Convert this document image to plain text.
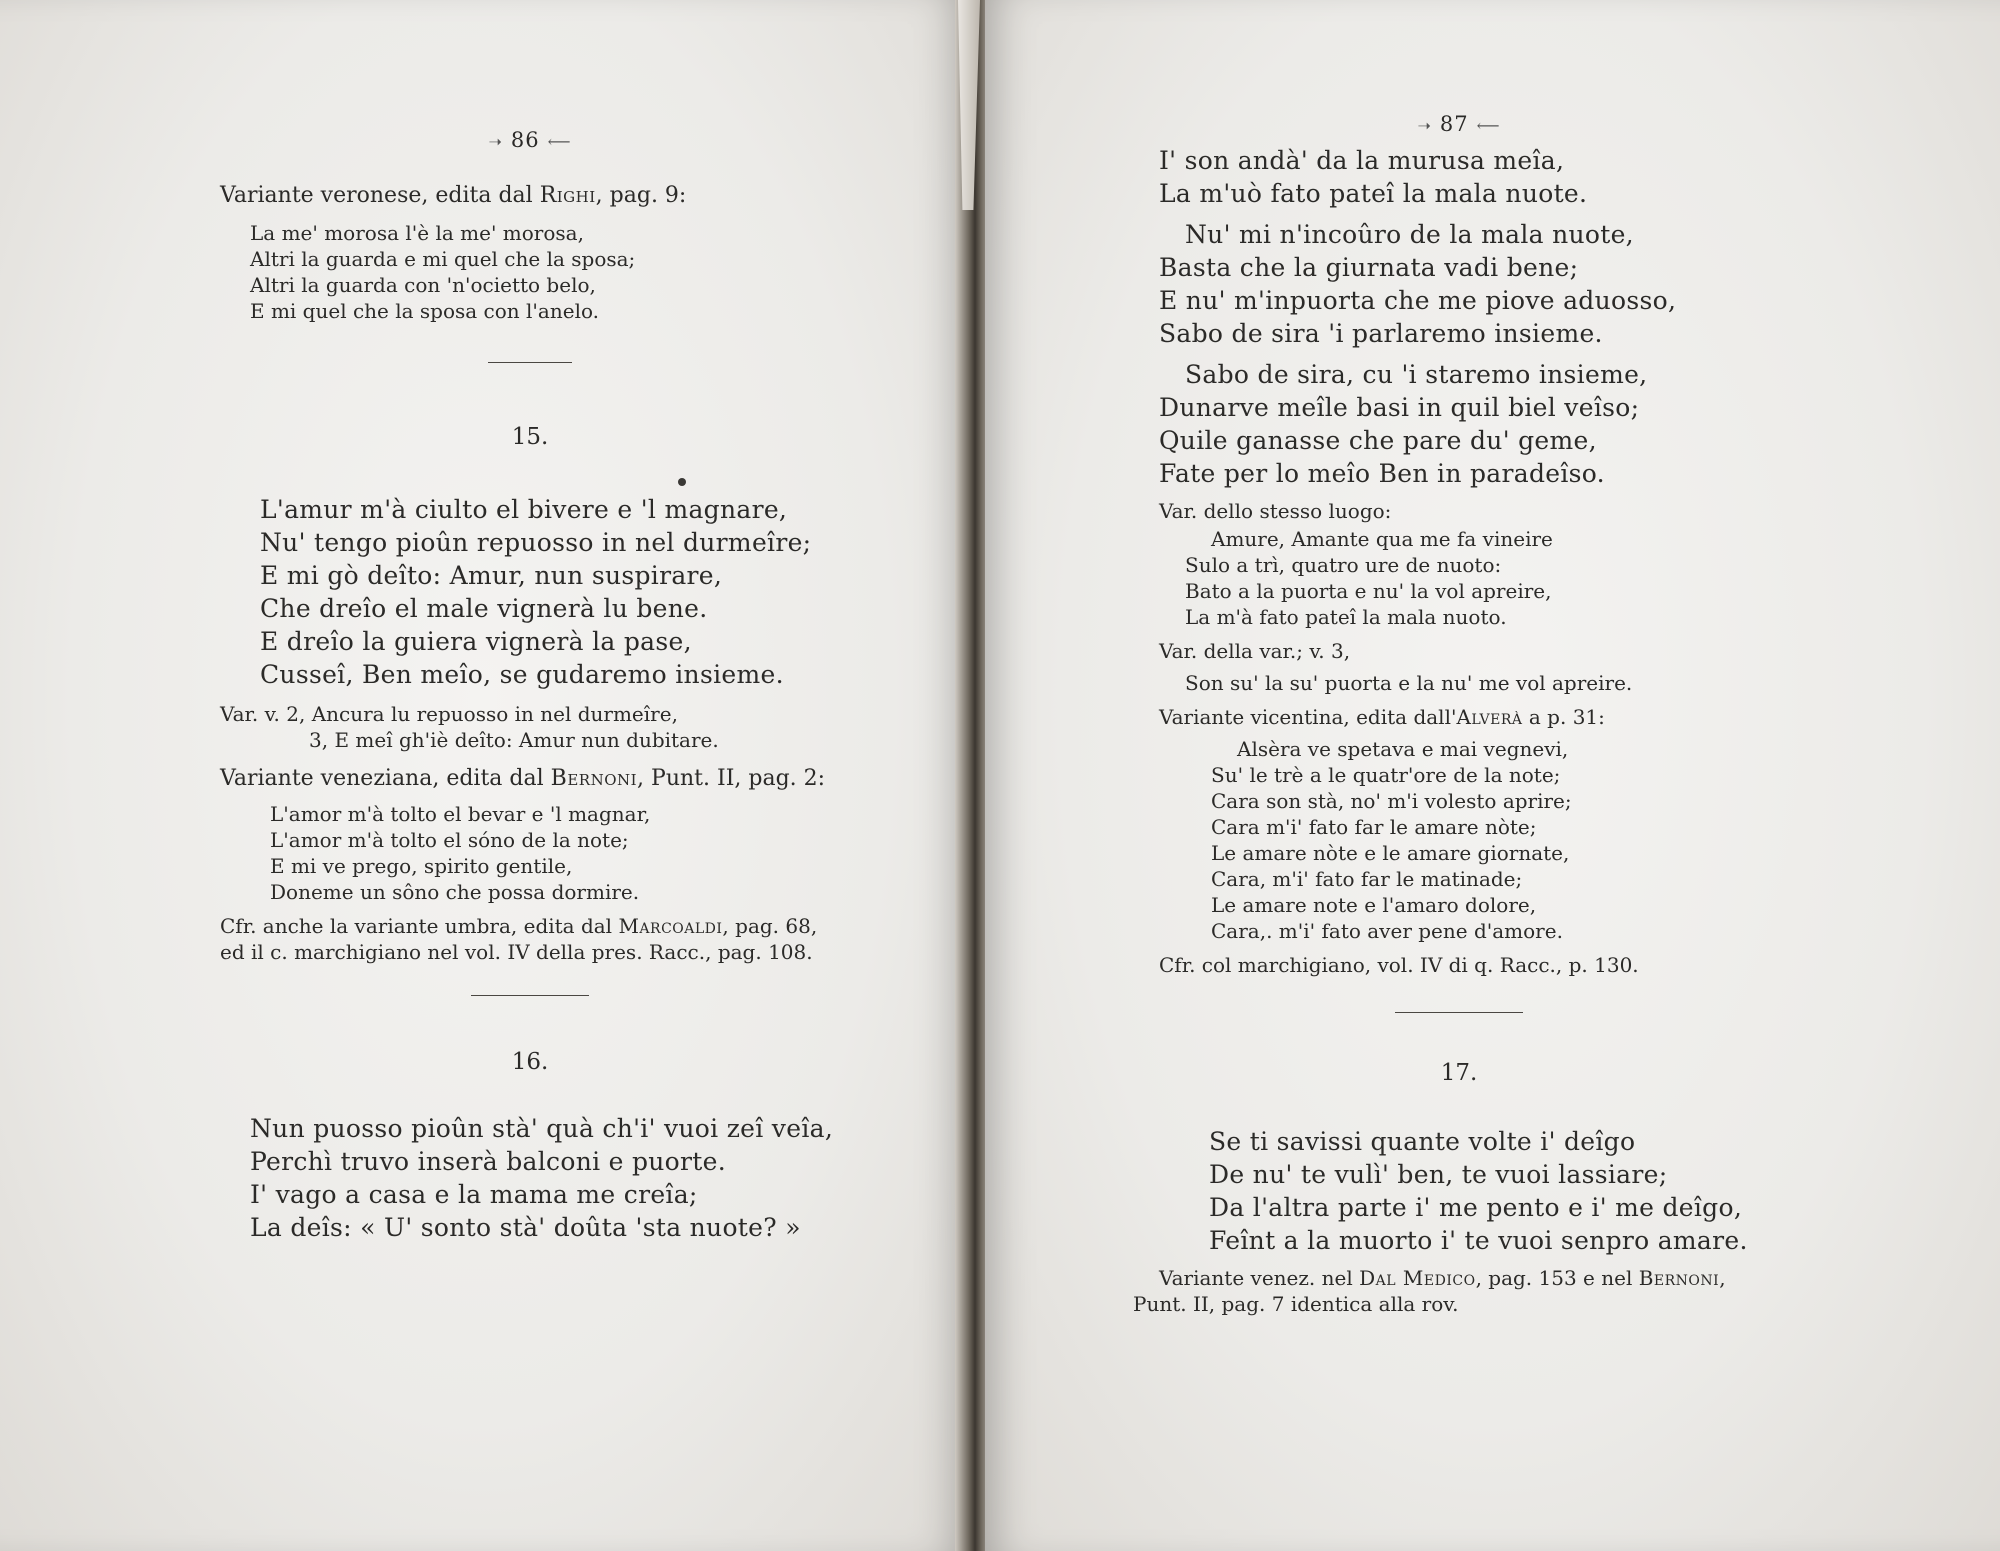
➝ 86 ⟵

Variante veronese, edita dal Righi, pag. 9:

La me' morosa l'è la me' morosa,

Altri la guarda e mi quel che la sposa;

Altri la guarda con 'n'ocietto belo,

E mi quel che la sposa con l'anelo.

15.

L'amur m'à ciulto el bivere e 'l magnare,

Nu' tengo pioûn repuosso in nel durmeîre;

E mi gò deîto: Amur, nun suspirare,

Che dreîo el male vignerà lu bene.

E dreîo la guiera vignerà la pase,

Cusseî, Ben meîo, se gudaremo insieme.

Var. v. 2, Ancura lu repuosso in nel durmeîre,

3, E meî gh'iè deîto: Amur nun dubitare.

Variante veneziana, edita dal Bernoni, Punt. II, pag. 2:

L'amor m'à tolto el bevar e 'l magnar,

L'amor m'à tolto el sóno de la note;

E mi ve prego, spirito gentile,

Doneme un sôno che possa dormire.

Cfr. anche la variante umbra, edita dal Marcoaldi, pag. 68, ed il c. marchigiano nel vol. IV della pres. Racc., pag. 108.

16.

Nun puosso pioûn stà' quà ch'i' vuoi zeî veîa,

Perchì truvo inserà balconi e puorte.

I' vago a casa e la mama me creîa;

La deîs: « U' sonto stà' doûta 'sta nuote? »

➝ 87 ⟵

I' son andà' da la murusa meîa,

La m'uò fato pateî la mala nuote.

Nu' mi n'incoûro de la mala nuote,

Basta che la giurnata vadi bene;

E nu' m'inpuorta che me piove aduosso,

Sabo de sira 'i parlaremo insieme.

Sabo de sira, cu 'i staremo insieme,

Dunarve meîle basi in quil biel veîso;

Quile ganasse che pare du' geme,

Fate per lo meîo Ben in paradeîso.

Var. dello stesso luogo:

Amure, Amante qua me fa vineire

Sulo a trì, quatro ure de nuoto:

Bato a la puorta e nu' la vol apreire,

La m'à fato pateî la mala nuoto.

Var. della var.; v. 3,

Son su' la su' puorta e la nu' me vol apreire.

Variante vicentina, edita dall'Alverà a p. 31:

Alsèra ve spetava e mai vegnevi,

Su' le trè a le quatr'ore de la note;

Cara son stà, no' m'i volesto aprire;

Cara m'i' fato far le amare nòte;

Le amare nòte e le amare giornate,

Cara, m'i' fato far le matinade;

Le amare note e l'amaro dolore,

Cara,. m'i' fato aver pene d'amore.

Cfr. col marchigiano, vol. IV di q. Racc., p. 130.

17.

Se ti savissi quante volte i' deîgo

De nu' te vulì' ben, te vuoi lassiare;

Da l'altra parte i' me pento e i' me deîgo,

Feînt a la muorto i' te vuoi senpro amare.

Variante venez. nel Dal Medico, pag. 153 e nel Bernoni, Punt. II, pag. 7 identica alla rov.
